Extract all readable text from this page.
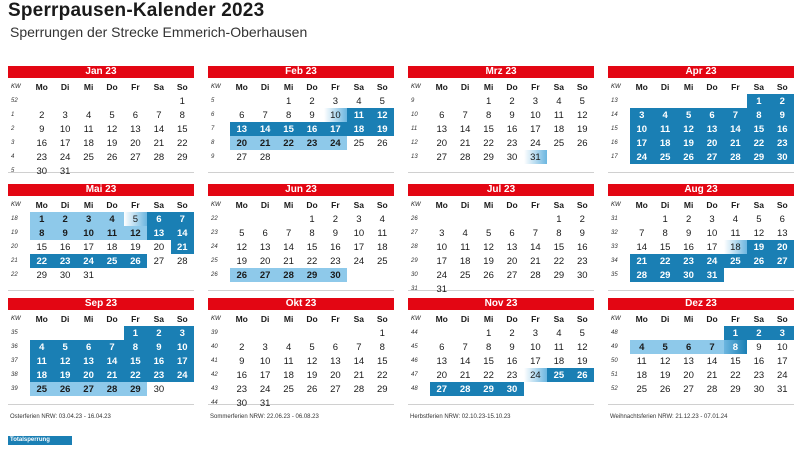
Sperrpausen-Kalender 2023
Sperrungen der Strecke Emmerich-Oberhausen
Jan 23
KW	Mo	Di	Mi	Do	Fr	Sa	So
52							1
1	2	3	4	5	6	7	8
2	9	10	11	12	13	14	15
3	16	17	18	19	20	21	22
4	23	24	25	26	27	28	29
5	30	31					
Feb 23
KW	Mo	Di	Mi	Do	Fr	Sa	So
5			1	2	3	4	5
6	6	7	8	9	10	11	12
7	13	14	15	16	17	18	19
8	20	21	22	23	24	25	26
9	27	28					
Mrz 23
KW	Mo	Di	Mi	Do	Fr	Sa	So
9			1	2	3	4	5
10	6	7	8	9	10	11	12
11	13	14	15	16	17	18	19
12	20	21	22	23	24	25	26
13	27	28	29	30	31		
Apr 23
KW	Mo	Di	Mi	Do	Fr	Sa	So
13						1	2
14	3	4	5	6	7	8	9
15	10	11	12	13	14	15	16
16	17	18	19	20	21	22	23
17	24	25	26	27	28	29	30
Mai 23
KW	Mo	Di	Mi	Do	Fr	Sa	So
18	1	2	3	4	5	6	7
19	8	9	10	11	12	13	14
20	15	16	17	18	19	20	21
21	22	23	24	25	26	27	28
22	29	30	31				
Jun 23
KW	Mo	Di	Mi	Do	Fr	Sa	So
22				1	2	3	4
23	5	6	7	8	9	10	11
24	12	13	14	15	16	17	18
25	19	20	21	22	23	24	25
26	26	27	28	29	30		
Jul 23
KW	Mo	Di	Mi	Do	Fr	Sa	So
26						1	2
27	3	4	5	6	7	8	9
28	10	11	12	13	14	15	16
29	17	18	19	20	21	22	23
30	24	25	26	27	28	29	30
31	31						
Aug 23
KW	Mo	Di	Mi	Do	Fr	Sa	So
31		1	2	3	4	5	6
32	7	8	9	10	11	12	13
33	14	15	16	17	18	19	20
34	21	22	23	24	25	26	27
35	28	29	30	31			
Sep 23
KW	Mo	Di	Mi	Do	Fr	Sa	So
35					1	2	3
36	4	5	6	7	8	9	10
37	11	12	13	14	15	16	17
38	18	19	20	21	22	23	24
39	25	26	27	28	29	30	
Okt 23
KW	Mo	Di	Mi	Do	Fr	Sa	So
39							1
40	2	3	4	5	6	7	8
41	9	10	11	12	13	14	15
42	16	17	18	19	20	21	22
43	23	24	25	26	27	28	29
44	30	31					
Nov 23
KW	Mo	Di	Mi	Do	Fr	Sa	So
44			1	2	3	4	5
45	6	7	8	9	10	11	12
46	13	14	15	16	17	18	19
47	20	21	22	23	24	25	26
48	27	28	29	30			
Dez 23
KW	Mo	Di	Mi	Do	Fr	Sa	So
48					1	2	3
49	4	5	6	7	8	9	10
50	11	12	13	14	15	16	17
51	18	19	20	21	22	23	24
52	25	26	27	28	29	30	31
Osterferien NRW: 03.04.23 - 16.04.23	Sommerferien NRW: 22.06.23 - 06.08.23	Herbstferien NRW: 02.10.23-15.10.23	Weihnachtsferien NRW: 21.12.23 - 07.01.24
Totalsperrung
